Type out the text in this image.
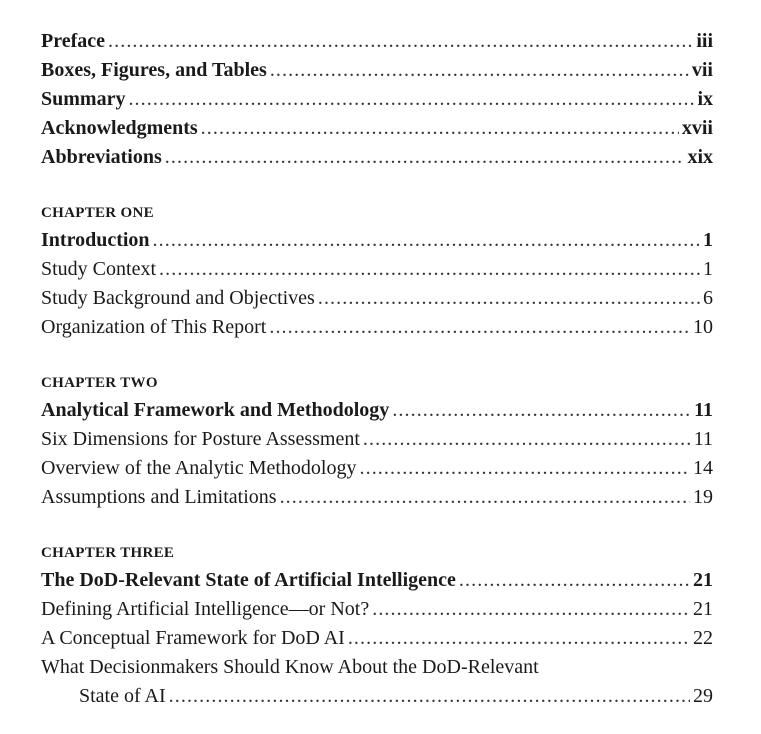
Preface .....	iii
Boxes, Figures, and Tables .....	vii
Summary .....	ix
Acknowledgments .....	xvii
Abbreviations .....	xix
CHAPTER ONE
Introduction .....	1
Study Context .....	1
Study Background and Objectives .....	6
Organization of This Report .....	10
CHAPTER TWO
Analytical Framework and Methodology .....	11
Six Dimensions for Posture Assessment .....	11
Overview of the Analytic Methodology .....	14
Assumptions and Limitations .....	19
CHAPTER THREE
The DoD-Relevant State of Artificial Intelligence .....	21
Defining Artificial Intelligence—or Not? .....	21
A Conceptual Framework for DoD AI .....	22
What Decisionmakers Should Know About the DoD-Relevant
State of AI .....	29
